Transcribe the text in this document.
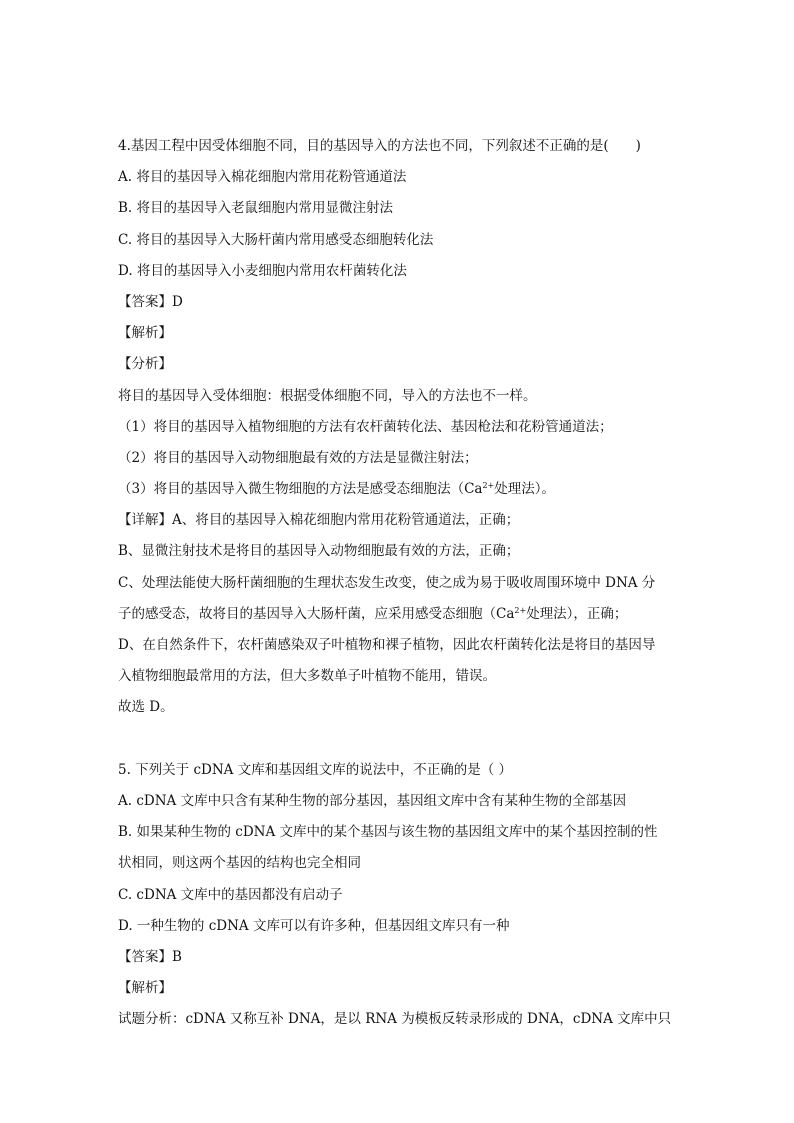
4.基因工程中因受体细胞不同，目的基因导入的方法也不同，下列叙述不正确的是(　　)
A. 将目的基因导入棉花细胞内常用花粉管通道法
B. 将目的基因导入老鼠细胞内常用显微注射法
C. 将目的基因导入大肠杆菌内常用感受态细胞转化法
D. 将目的基因导入小麦细胞内常用农杆菌转化法
【答案】D
【解析】
【分析】
将目的基因导入受体细胞：根据受体细胞不同，导入的方法也不一样。
（1）将目的基因导入植物细胞的方法有农杆菌转化法、基因枪法和花粉管通道法；
（2）将目的基因导入动物细胞最有效的方法是显微注射法；
（3）将目的基因导入微生物细胞的方法是感受态细胞法（$Ca^{2+}$处理法）。
【详解】A、将目的基因导入棉花细胞内常用花粉管通道法，正确；
B、显微注射技术是将目的基因导入动物细胞最有效的方法，正确；
C、处理法能使大肠杆菌细胞的生理状态发生改变，使之成为易于吸收周围环境中 DNA 分
子的感受态，故将目的基因导入大肠杆菌，应采用感受态细胞（$Ca^{2+}$处理法），正确；
D、在自然条件下，农杆菌感染双子叶植物和裸子植物，因此农杆菌转化法是将目的基因导
入植物细胞最常用的方法，但大多数单子叶植物不能用，错误。
故选 D。
5. 下列关于 cDNA 文库和基因组文库的说法中，不正确的是（ ）
A. cDNA 文库中只含有某种生物的部分基因，基因组文库中含有某种生物的全部基因
B. 如果某种生物的 cDNA 文库中的某个基因与该生物的基因组文库中的某个基因控制的性
状相同，则这两个基因的结构也完全相同
C. cDNA 文库中的基因都没有启动子
D. 一种生物的 cDNA 文库可以有许多种，但基因组文库只有一种
【答案】B
【解析】
试题分析：cDNA 又称互补 DNA，是以 RNA 为模板反转录形成的 DNA，cDNA 文库中只
